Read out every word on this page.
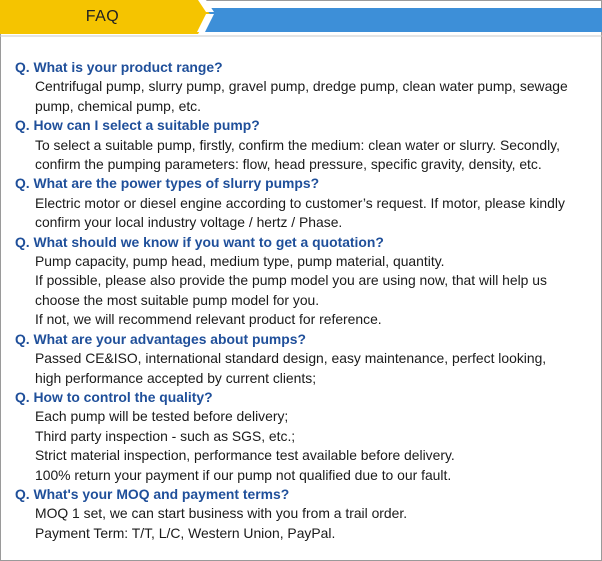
FAQ
Q. What is your product range?
Centrifugal pump, slurry pump, gravel pump, dredge pump, clean water pump, sewage
pump, chemical pump, etc.
Q. How can I select a suitable pump?
To select a suitable pump, firstly, confirm the medium: clean water or slurry. Secondly,
confirm the pumping parameters: flow, head pressure, specific gravity, density, etc.
Q. What are the power types of slurry pumps?
Electric motor or diesel engine according to customer’s request. If motor, please kindly
confirm your local industry voltage / hertz / Phase.
Q. What should we know if you want to get a quotation?
Pump capacity, pump head, medium type, pump material, quantity.
If possible, please also provide the pump model you are using now, that will help us
choose the most suitable pump model for you.
If not, we will recommend relevant product for reference.
Q. What are your advantages about pumps?
Passed CE&ISO, international standard design, easy maintenance, perfect looking,
high performance accepted by current clients;
Q. How to control the quality?
Each pump will be tested before delivery;
Third party inspection - such as SGS, etc.;
Strict material inspection, performance test available before delivery.
100% return your payment if our pump not qualified due to our fault.
Q. What's your MOQ and payment terms?
MOQ 1 set, we can start business with you from a trail order.
Payment Term: T/T, L/C, Western Union, PayPal.
